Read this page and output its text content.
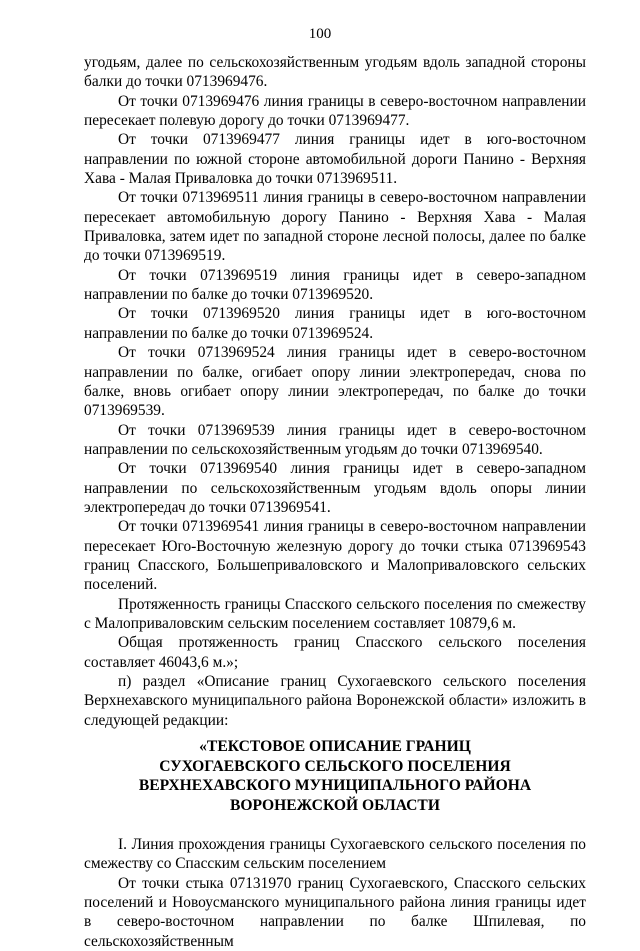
100

угодьям, далее по сельскохозяйственным угодьям вдоль западной стороны балки до точки 0713969476.

От точки 0713969476 линия границы в северо-восточном направлении пересекает полевую дорогу до точки 0713969477.

От точки 0713969477 линия границы идет в юго-восточном направлении по южной стороне автомобильной дороги Панино - Верхняя Хава - Малая Приваловка до точки 0713969511.

От точки 0713969511 линия границы в северо-восточном направлении пересекает автомобильную дорогу Панино - Верхняя Хава - Малая Приваловка, затем идет по западной стороне лесной полосы, далее по балке до точки 0713969519.

От точки 0713969519 линия границы идет в северо-западном направлении по балке до точки 0713969520.

От точки 0713969520 линия границы идет в юго-восточном направлении по балке до точки 0713969524.

От точки 0713969524 линия границы идет в северо-восточном направлении по балке, огибает опору линии электропередач, снова по балке, вновь огибает опору линии электропередач, по балке до точки 0713969539.

От точки 0713969539 линия границы идет в северо-восточном направлении по сельскохозяйственным угодьям до точки 0713969540.

От точки 0713969540 линия границы идет в северо-западном направлении по сельскохозяйственным угодьям вдоль опоры линии электропередач до точки 0713969541.

От точки 0713969541 линия границы в северо-восточном направлении пересекает Юго-Восточную железную дорогу до точки стыка 0713969543 границ Спасского, Большеприваловского и Малоприваловского сельских поселений.

Протяженность границы Спасского сельского поселения по смежеству с Малоприваловским сельским поселением составляет 10879,6 м.

Общая протяженность границ Спасского сельского поселения составляет 46043,6 м.»;

п) раздел «Описание границ Сухогаевского сельского поселения Верхнехавского муниципального района Воронежской области» изложить в следующей редакции:

«ТЕКСТОВОЕ ОПИСАНИЕ ГРАНИЦ
СУХОГАЕВСКОГО СЕЛЬСКОГО ПОСЕЛЕНИЯ
ВЕРХНЕХАВСКОГО МУНИЦИПАЛЬНОГО РАЙОНА
ВОРОНЕЖСКОЙ ОБЛАСТИ

I. Линия прохождения границы Сухогаевского сельского поселения по смежеству со Спасским сельским поселением

От точки стыка 07131970 границ Сухогаевского, Спасского сельских поселений и Новоусманского муниципального района линия границы идет в северо-восточном направлении по балке Шпилевая, по сельскохозяйственным
